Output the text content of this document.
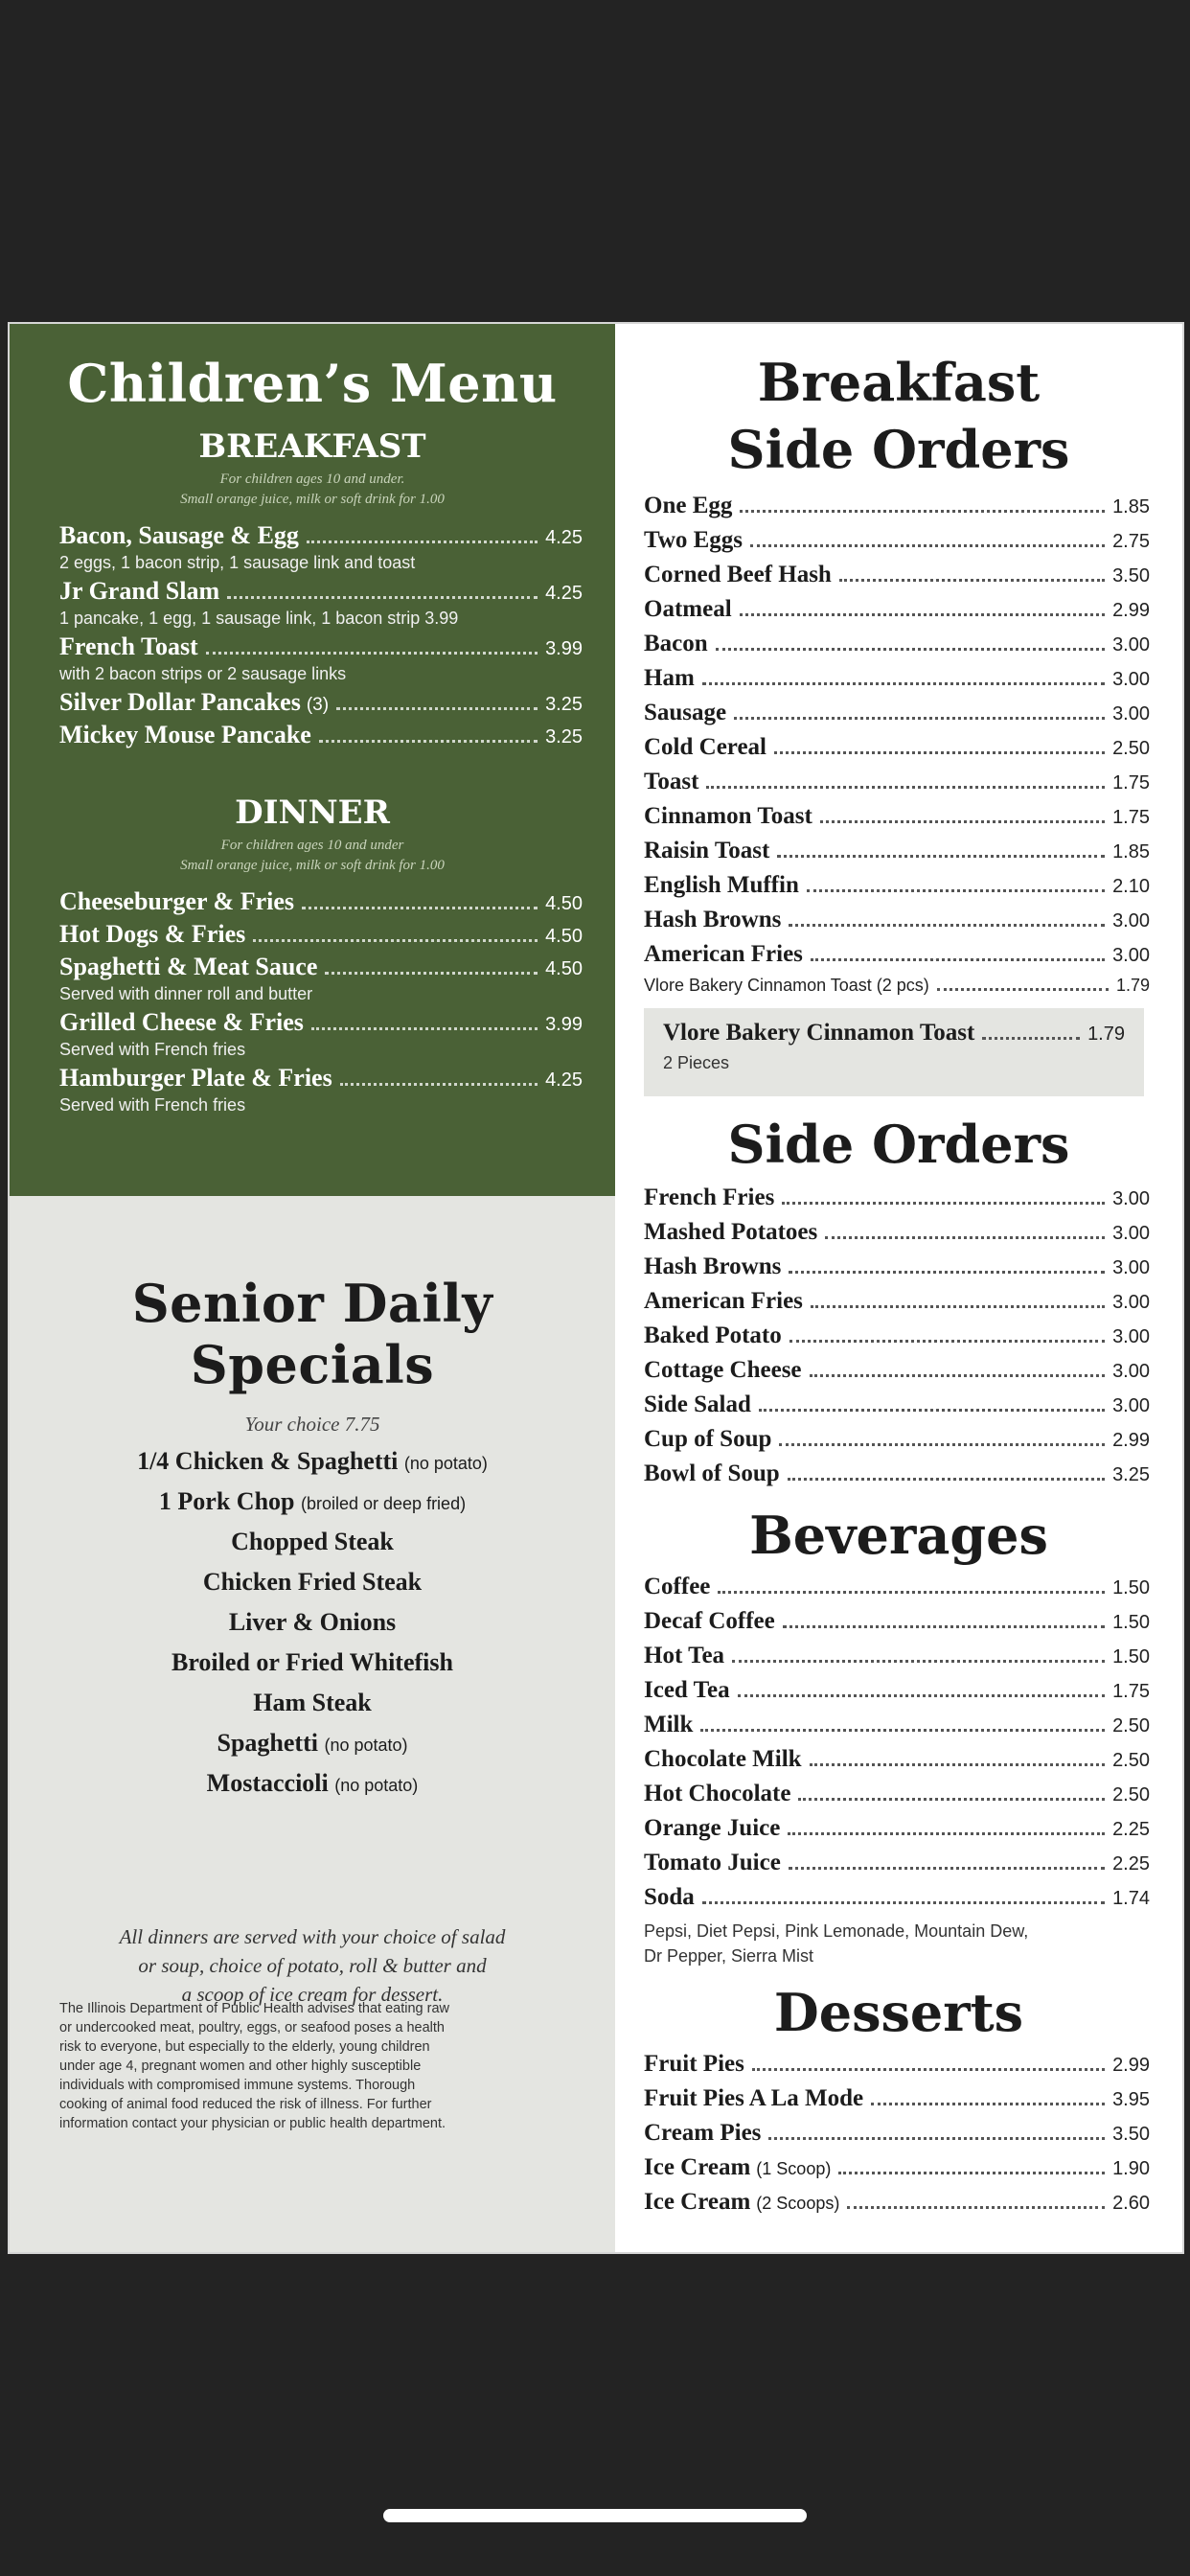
Children’s Menu
BREAKFAST
For children ages 10 and under.
Small orange juice, milk or soft drink for 1.00
Bacon, Sausage & Egg	4.25
2 eggs, 1 bacon strip, 1 sausage link and toast
Jr Grand Slam	4.25
1 pancake, 1 egg, 1 sausage link, 1 bacon strip 3.99
French Toast	3.99
with 2 bacon strips or 2 sausage links
Silver Dollar Pancakes (3)	3.25
Mickey Mouse Pancake	3.25
DINNER
For children ages 10 and under
Small orange juice, milk or soft drink for 1.00
Cheeseburger & Fries	4.50
Hot Dogs & Fries	4.50
Spaghetti & Meat Sauce	4.50
Served with dinner roll and butter
Grilled Cheese & Fries	3.99
Served with French fries
Hamburger Plate & Fries	4.25
Served with French fries
Senior Daily
Specials
Your choice 7.75
1/4 Chicken & Spaghetti (no potato)
1 Pork Chop (broiled or deep fried)
Chopped Steak
Chicken Fried Steak
Liver & Onions
Broiled or Fried Whitefish
Ham Steak
Spaghetti (no potato)
Mostaccioli (no potato)
All dinners are served with your choice of salad
or soup, choice of potato, roll & butter and
a scoop of ice cream for dessert.
The Illinois Department of Public Health advises that eating raw
or undercooked meat, poultry, eggs, or seafood poses a health
risk to everyone, but especially to the elderly, young children
under age 4, pregnant women and other highly susceptible
individuals with compromised immune systems. Thorough
cooking of animal food reduced the risk of illness. For further
information contact your physician or public health department.
Breakfast
Side Orders
One Egg	1.85
Two Eggs	2.75
Corned Beef Hash	3.50
Oatmeal	2.99
Bacon	3.00
Ham	3.00
Sausage	3.00
Cold Cereal	2.50
Toast	1.75
Cinnamon Toast	1.75
Raisin Toast	1.85
English Muffin	2.10
Hash Browns	3.00
American Fries	3.00
Vlore Bakery Cinnamon Toast (2 pcs)	1.79
Vlore Bakery Cinnamon Toast	1.79
2 Pieces
Side Orders
French Fries	3.00
Mashed Potatoes	3.00
Hash Browns	3.00
American Fries	3.00
Baked Potato	3.00
Cottage Cheese	3.00
Side Salad	3.00
Cup of Soup	2.99
Bowl of Soup	3.25
Beverages
Coffee	1.50
Decaf Coffee	1.50
Hot Tea	1.50
Iced Tea	1.75
Milk	2.50
Chocolate Milk	2.50
Hot Chocolate	2.50
Orange Juice	2.25
Tomato Juice	2.25
Soda	1.74
Pepsi, Diet Pepsi, Pink Lemonade, Mountain Dew,
Dr Pepper, Sierra Mist
Desserts
Fruit Pies	2.99
Fruit Pies A La Mode	3.95
Cream Pies	3.50
Ice Cream (1 Scoop)	1.90
Ice Cream (2 Scoops)	2.60
